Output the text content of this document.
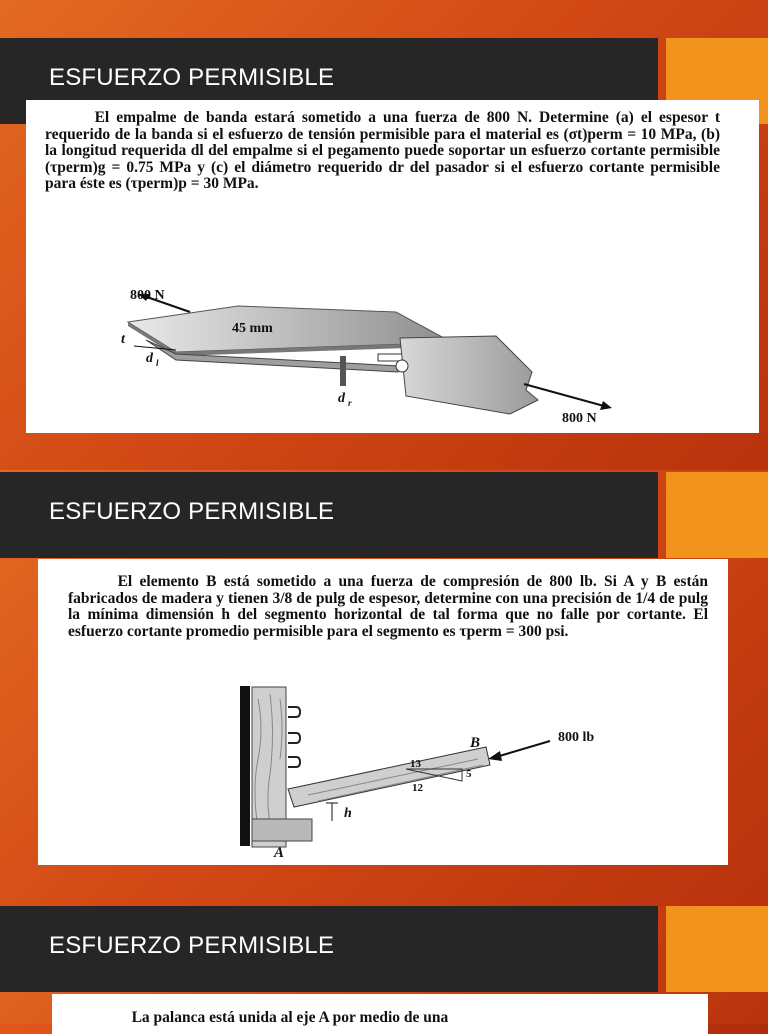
ESFUERZO PERMISIBLE

El empalme de banda estará sometido a una fuerza de 800 N. Determine (a) el espesor t requerido de la banda si el esfuerzo de tensión permisible para el material es (σt)perm = 10 MPa, (b) la longitud requerida dl del empalme si el pegamento puede soportar un esfuerzo cortante permisible (τperm)g = 0.75 MPa y (c) el diámetro requerido dr del pasador si el esfuerzo cortante permisible para éste es (τperm)p = 30 MPa.

800 N
45 mm
t
d l
d r
800 N
ESFUERZO PERMISIBLE

El elemento B está sometido a una fuerza de compresión de 800 lb. Si A y B están fabricados de madera y tienen 3/8 de pulg de espesor, determine con una precisión de 1/4 de pulg la mínima dimensión h del segmento horizontal de tal forma que no falle por cortante. El esfuerzo cortante promedio permisible para el segmento es τperm = 300 psi.

h
A
13
12
5
B	800 lb
ESFUERZO PERMISIBLE

La palanca está unida al eje A por medio de una
